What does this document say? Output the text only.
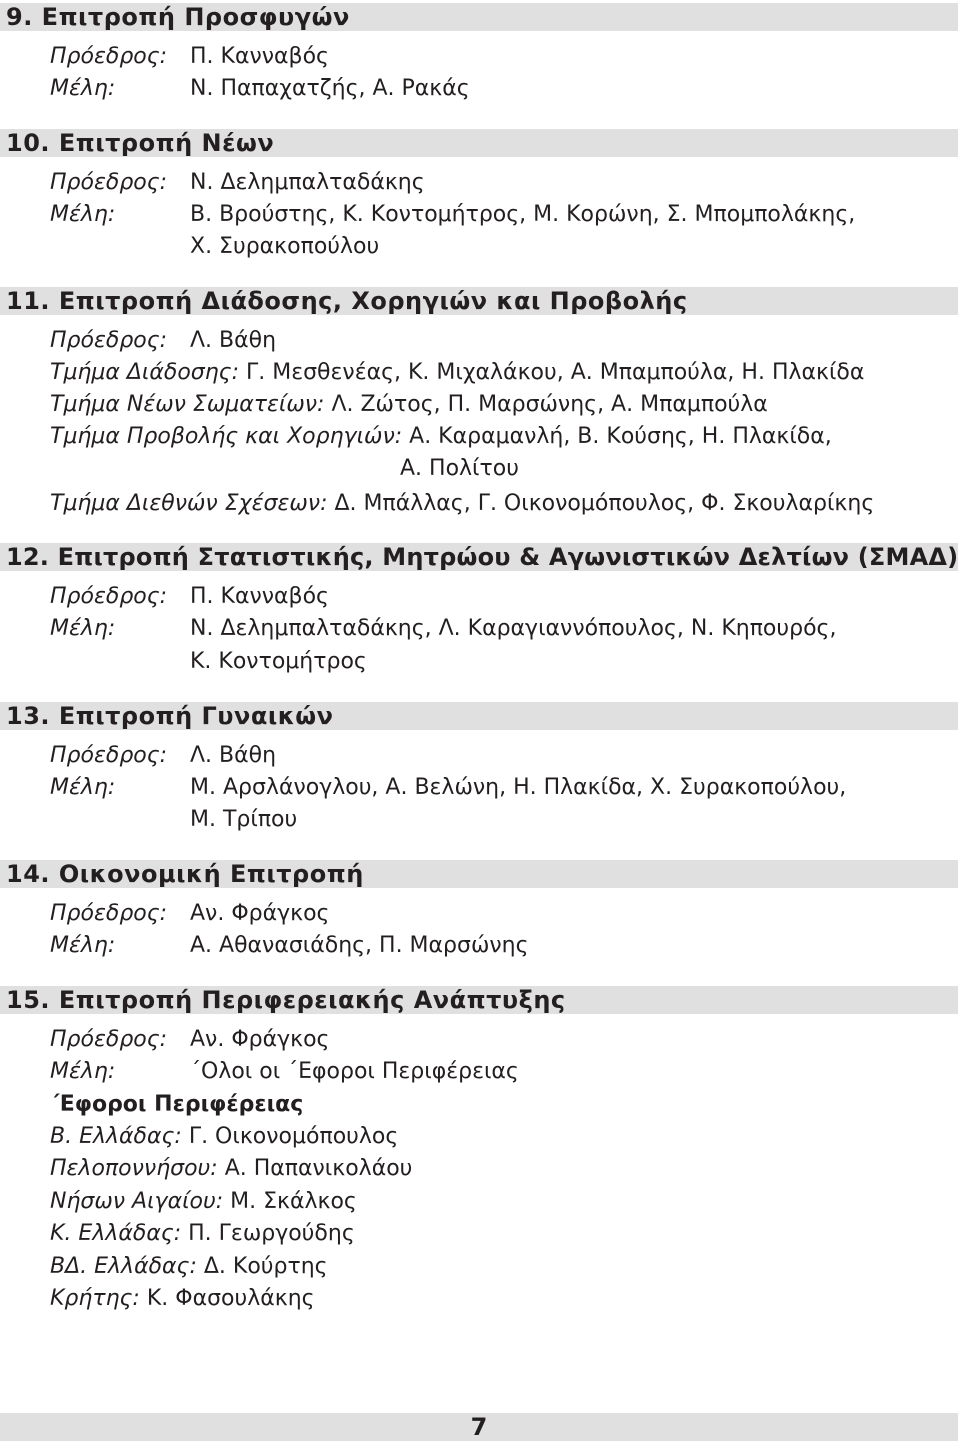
9. Επιτροπή Προσφυγών
Πρόεδρος: Π. Κανναβός
Μέλη:	Ν. Παπαχατζής, Α. Ρακάς
10. Επιτροπή Νέων
Πρόεδρος: Ν. Δελημπαλταδάκης
Μέλη:	Β. Βρούστης, Κ. Κοντομήτρος, Μ. Κορώνη, Σ. Μπομπολάκης,
Χ. Συρακοπούλου
11. Επιτροπή Διάδοσης, Χορηγιών και Προβολής
Πρόεδρος: Λ. Βάθη
Τμήμα Διάδοσης: Γ. Μεσθενέας, Κ. Μιχαλάκου, Α. Μπαμπούλα, Η. Πλακίδα
Τμήμα Νέων Σωματείων: Λ. Ζώτος, Π. Μαρσώνης, Α. Μπαμπούλα
Τμήμα Προβολής και Χορηγιών: Α. Καραμανλή, Β. Κούσης, Η. Πλακίδα,
Α. Πολίτου
Τμήμα Διεθνών Σχέσεων: Δ. Μπάλλας, Γ. Οικονομόπουλος, Φ. Σκουλαρίκης
12. Επιτροπή Στατιστικής, Μητρώου & Αγωνιστικών Δελτίων (ΣΜΑΔ)
Πρόεδρος: Π. Κανναβός
Μέλη:	Ν. Δελημπαλταδάκης, Λ. Καραγιαννόπουλος, Ν. Κηπουρός,
Κ. Κοντομήτρος
13. Επιτροπή Γυναικών
Πρόεδρος: Λ. Βάθη
Μέλη:	Μ. Αρσλάνογλου, Α. Βελώνη, Η. Πλακίδα, Χ. Συρακοπούλου,
Μ. Τρίπου
14. Οικονομική Επιτροπή
Πρόεδρος: Αν. Φράγκος
Μέλη:	Α. Αθανασιάδης, Π. Μαρσώνης
15. Επιτροπή Περιφερειακής Ανάπτυξης
Πρόεδρος: Αν. Φράγκος
Μέλη:	΄Ολοι οι ΄Εφοροι Περιφέρειας
΄Εφοροι Περιφέρειας
Β. Ελλάδας: Γ. Οικονομόπουλος
Πελοποννήσου: Α. Παπανικολάου
Νήσων Αιγαίου: Μ. Σκάλκος
Κ. Ελλάδας: Π. Γεωργούδης
ΒΔ. Ελλάδας: Δ. Κούρτης
Κρήτης: Κ. Φασουλάκης
7
